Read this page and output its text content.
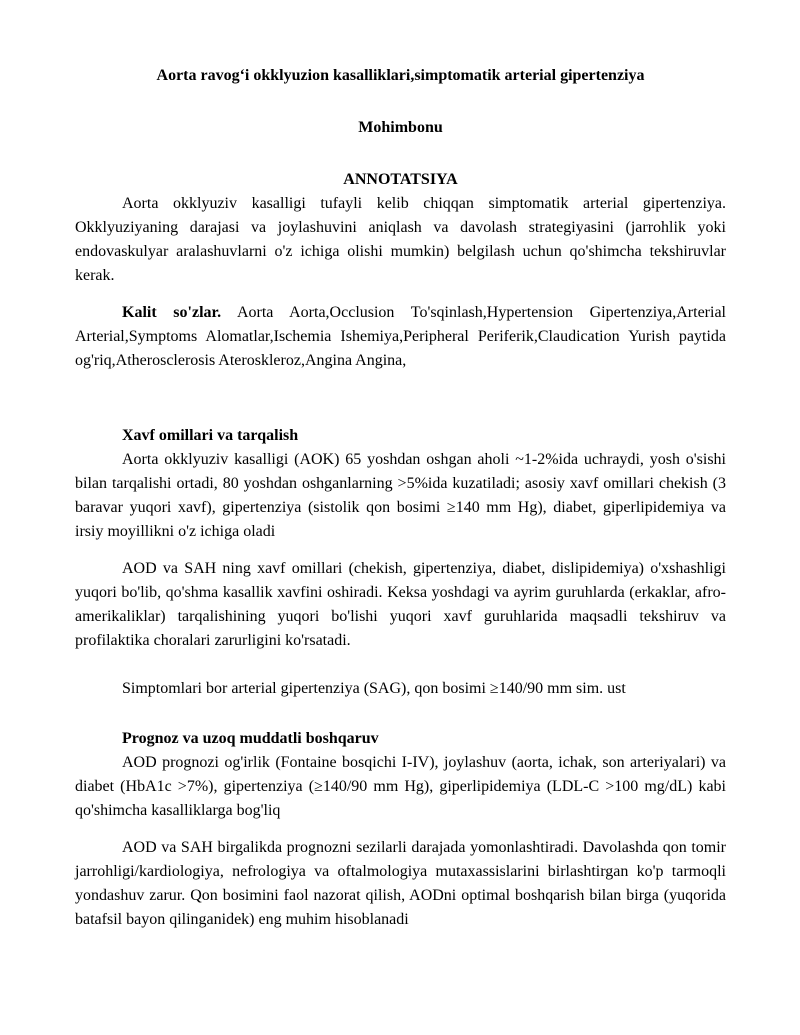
Aorta ravog‘i okklyuzion kasalliklari,simptomatik arterial gipertenziya

Mohimbonu

ANNOTATSIYA

Aorta okklyuziv kasalligi tufayli kelib chiqqan simptomatik arterial gipertenziya. Okklyuziyaning darajasi va joylashuvini aniqlash va davolash strategiyasini (jarrohlik yoki endovaskulyar aralashuvlarni o'z ichiga olishi mumkin) belgilash uchun qo'shimcha tekshiruvlar kerak.

Kalit so'zlar. Aorta Aorta,Occlusion To'sqinlash,Hypertension Gipertenziya,Arterial Arterial,Symptoms Alomatlar,Ischemia Ishemiya,Peripheral Periferik,Claudication Yurish paytida og'riq,Atherosclerosis Ateroskleroz,Angina Angina,

Xavf omillari va tarqalish

Aorta okklyuziv kasalligi (AOK) 65 yoshdan oshgan aholi ~1-2%ida uchraydi, yosh o'sishi bilan tarqalishi ortadi, 80 yoshdan oshganlarning >5%ida kuzatiladi; asosiy xavf omillari chekish (3 baravar yuqori xavf), gipertenziya (sistolik qon bosimi ≥140 mm Hg), diabet, giperlipidemiya va irsiy moyillikni o'z ichiga oladi

AOD va SAH ning xavf omillari (chekish, gipertenziya, diabet, dislipidemiya) o'xshashligi yuqori bo'lib, qo'shma kasallik xavfini oshiradi. Keksa yoshdagi va ayrim guruhlarda (erkaklar, afro-amerikaliklar) tarqalishining yuqori bo'lishi yuqori xavf guruhlarida maqsadli tekshiruv va profilaktika choralari zarurligini ko'rsatadi.

Simptomlari bor arterial gipertenziya (SAG), qon bosimi ≥140/90 mm sim. ust

Prognoz va uzoq muddatli boshqaruv

AOD prognozi og'irlik (Fontaine bosqichi I-IV), joylashuv (aorta, ichak, son arteriyalari) va diabet (HbA1c >7%), gipertenziya (≥140/90 mm Hg), giperlipidemiya (LDL-C >100 mg/dL) kabi qo'shimcha kasalliklarga bog'liq

AOD va SAH birgalikda prognozni sezilarli darajada yomonlashtiradi. Davolashda qon tomir jarrohligi/kardiologiya, nefrologiya va oftalmologiya mutaxassislarini birlashtirgan ko'p tarmoqli yondashuv zarur. Qon bosimini faol nazorat qilish, AODni optimal boshqarish bilan birga (yuqorida batafsil bayon qilinganidek) eng muhim hisoblanadi
